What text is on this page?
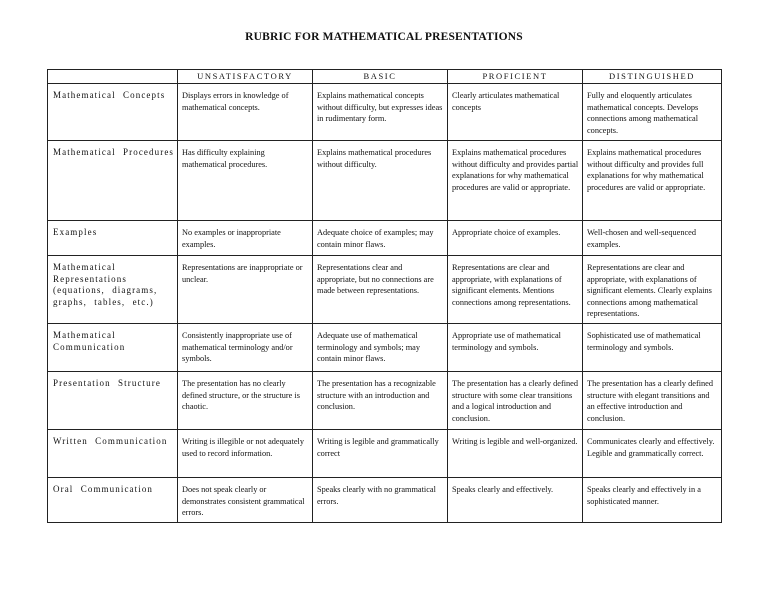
RUBRIC FOR MATHEMATICAL PRESENTATIONS
	UNSATISFACTORY	BASIC	PROFICIENT	DISTINGUISHED
Mathematical Concepts	Displays errors in knowledge of mathematical concepts.	Explains mathematical concepts without difficulty, but expresses ideas in rudimentary form.	Clearly articulates mathematical concepts	Fully and eloquently articulates mathematical concepts. Develops connections among mathematical concepts.
Mathematical Procedures	Has difficulty explaining mathematical procedures.	Explains mathematical procedures without difficulty.	Explains mathematical procedures without difficulty and provides partial explanations for why mathematical procedures are valid or appropriate.	Explains mathematical procedures without difficulty and provides full explanations for why mathematical procedures are valid or appropriate.
Examples	No examples or inappropriate examples.	Adequate choice of examples; may contain minor flaws.	Appropriate choice of examples.	Well-chosen and well-sequenced examples.
Mathematical Representations (equations, diagrams, graphs, tables, etc.)	Representations are inappropriate or unclear.	Representations clear and appropriate, but no connections are made between representations.	Representations are clear and appropriate, with explanations of significant elements. Mentions connections among representations.	Representations are clear and appropriate, with explanations of significant elements. Clearly explains connections among mathematical representations.
Mathematical Communication	Consistently inappropriate use of mathematical terminology and/or symbols.	Adequate use of mathematical terminology and symbols; may contain minor flaws.	Appropriate use of mathematical terminology and symbols.	Sophisticated use of mathematical terminology and symbols.
Presentation Structure	The presentation has no clearly defined structure, or the structure is chaotic.	The presentation has a recognizable structure with an introduction and conclusion.	The presentation has a clearly defined structure with some clear transitions and a logical introduction and conclusion.	The presentation has a clearly defined structure with elegant transitions and an effective introduction and conclusion.
Written Communication	Writing is illegible or not adequately used to record information.	Writing is legible and grammatically correct	Writing is legible and well-organized.	Communicates clearly and effectively. Legible and grammatically correct.
Oral Communication	Does not speak clearly or demonstrates consistent grammatical errors.	Speaks clearly with no grammatical errors.	Speaks clearly and effectively.	Speaks clearly and effectively in a sophisticated manner.
